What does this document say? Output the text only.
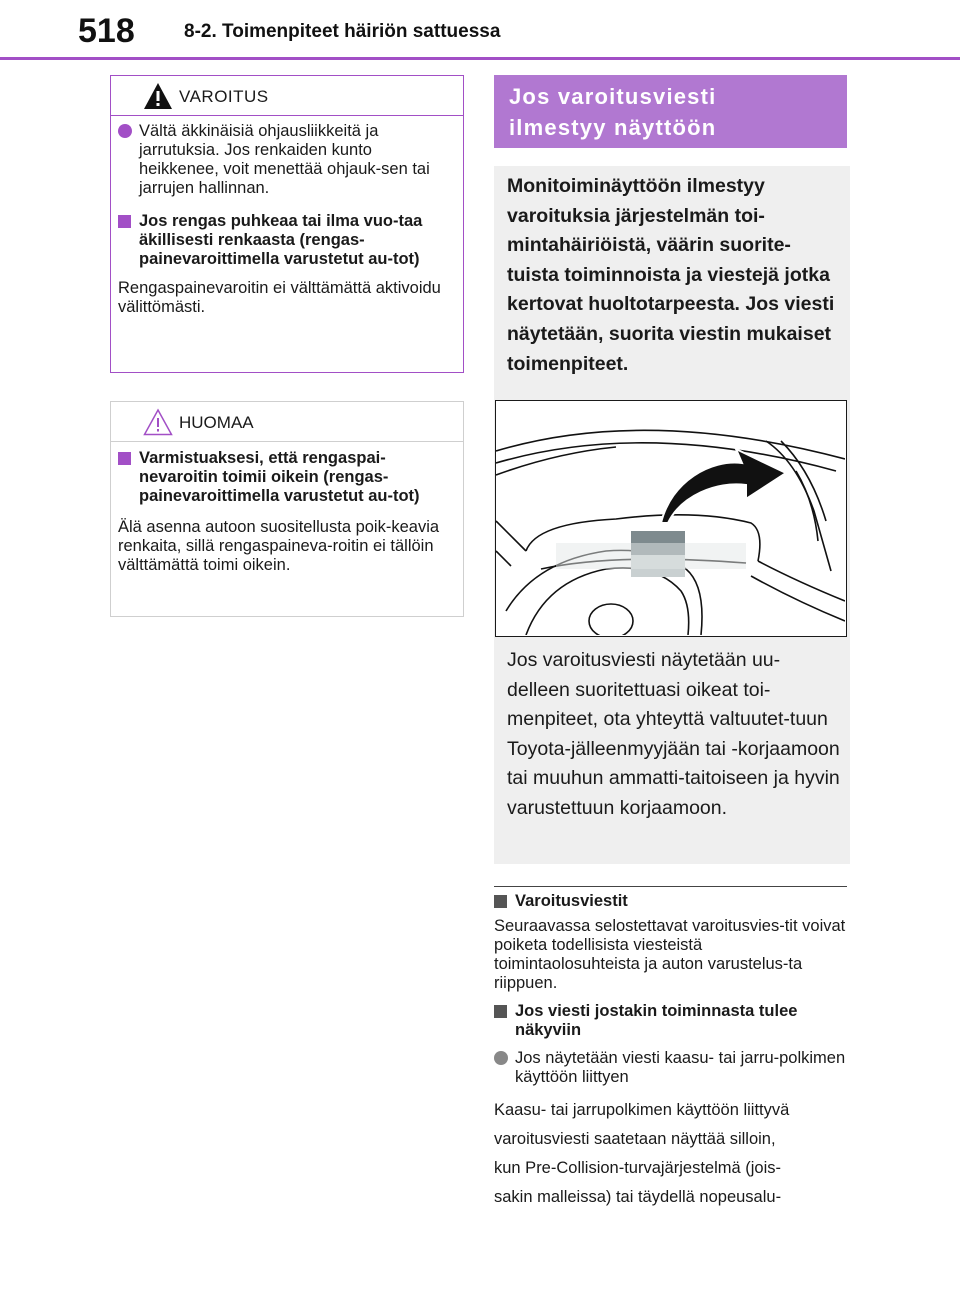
518	8-2. Toimenpiteet häiriön sattuessa
VAROITUS
Vältä äkkinäisiä ohjausliikkeitä ja jarrutuksia. Jos renkaiden kunto heikkenee, voit menettää ohjauk-sen tai jarrujen hallinnan.
Jos rengas puhkeaa tai ilma vuo-taa äkillisesti renkaasta (rengas-painevaroittimella varustetut au-tot)

Rengaspainevaroitin ei välttämättä aktivoidu välittömästi.

HUOMAA
Varmistuaksesi, että rengaspai-nevaroitin toimii oikein (rengas-painevaroittimella varustetut au-tot)

Älä asenna autoon suositellusta poik-keavia renkaita, sillä rengaspaineva-roitin ei tällöin välttämättä toimi oikein.

Jos varoitusviesti
ilmestyy näyttöön
Monitoiminäyttöön ilmestyy varoituksia järjestelmän toi-mintahäiriöistä, väärin suorite-tuista toiminnoista ja viestejä jotka kertovat huoltotarpeesta. Jos viesti näytetään, suorita viestin mukaiset toimenpiteet.
Jos varoitusviesti näytetään uu-delleen suoritettuasi oikeat toi-menpiteet, ota yhteyttä valtuutet-tuun Toyota-jälleenmyyjään tai -korjaamoon tai muuhun ammatti-taitoiseen ja hyvin varustettuun korjaamoon.
Varoitusviestit

Seuraavassa selostettavat varoitusvies-tit voivat poiketa todellisista viesteistä toimintaolosuhteista ja auton varustelus-ta riippuen.

Jos viesti jostakin toiminnasta tulee näkyviin
Jos näytetään viesti kaasu- tai jarru-polkimen käyttöön liittyen
Kaasu- tai jarrupolkimen käyttöön liittyvä
varoitusviesti saatetaan näyttää silloin,
kun Pre-Collision-turvajärjestelmä (jois-
sakin malleissa) tai täydellä nopeusalu-
